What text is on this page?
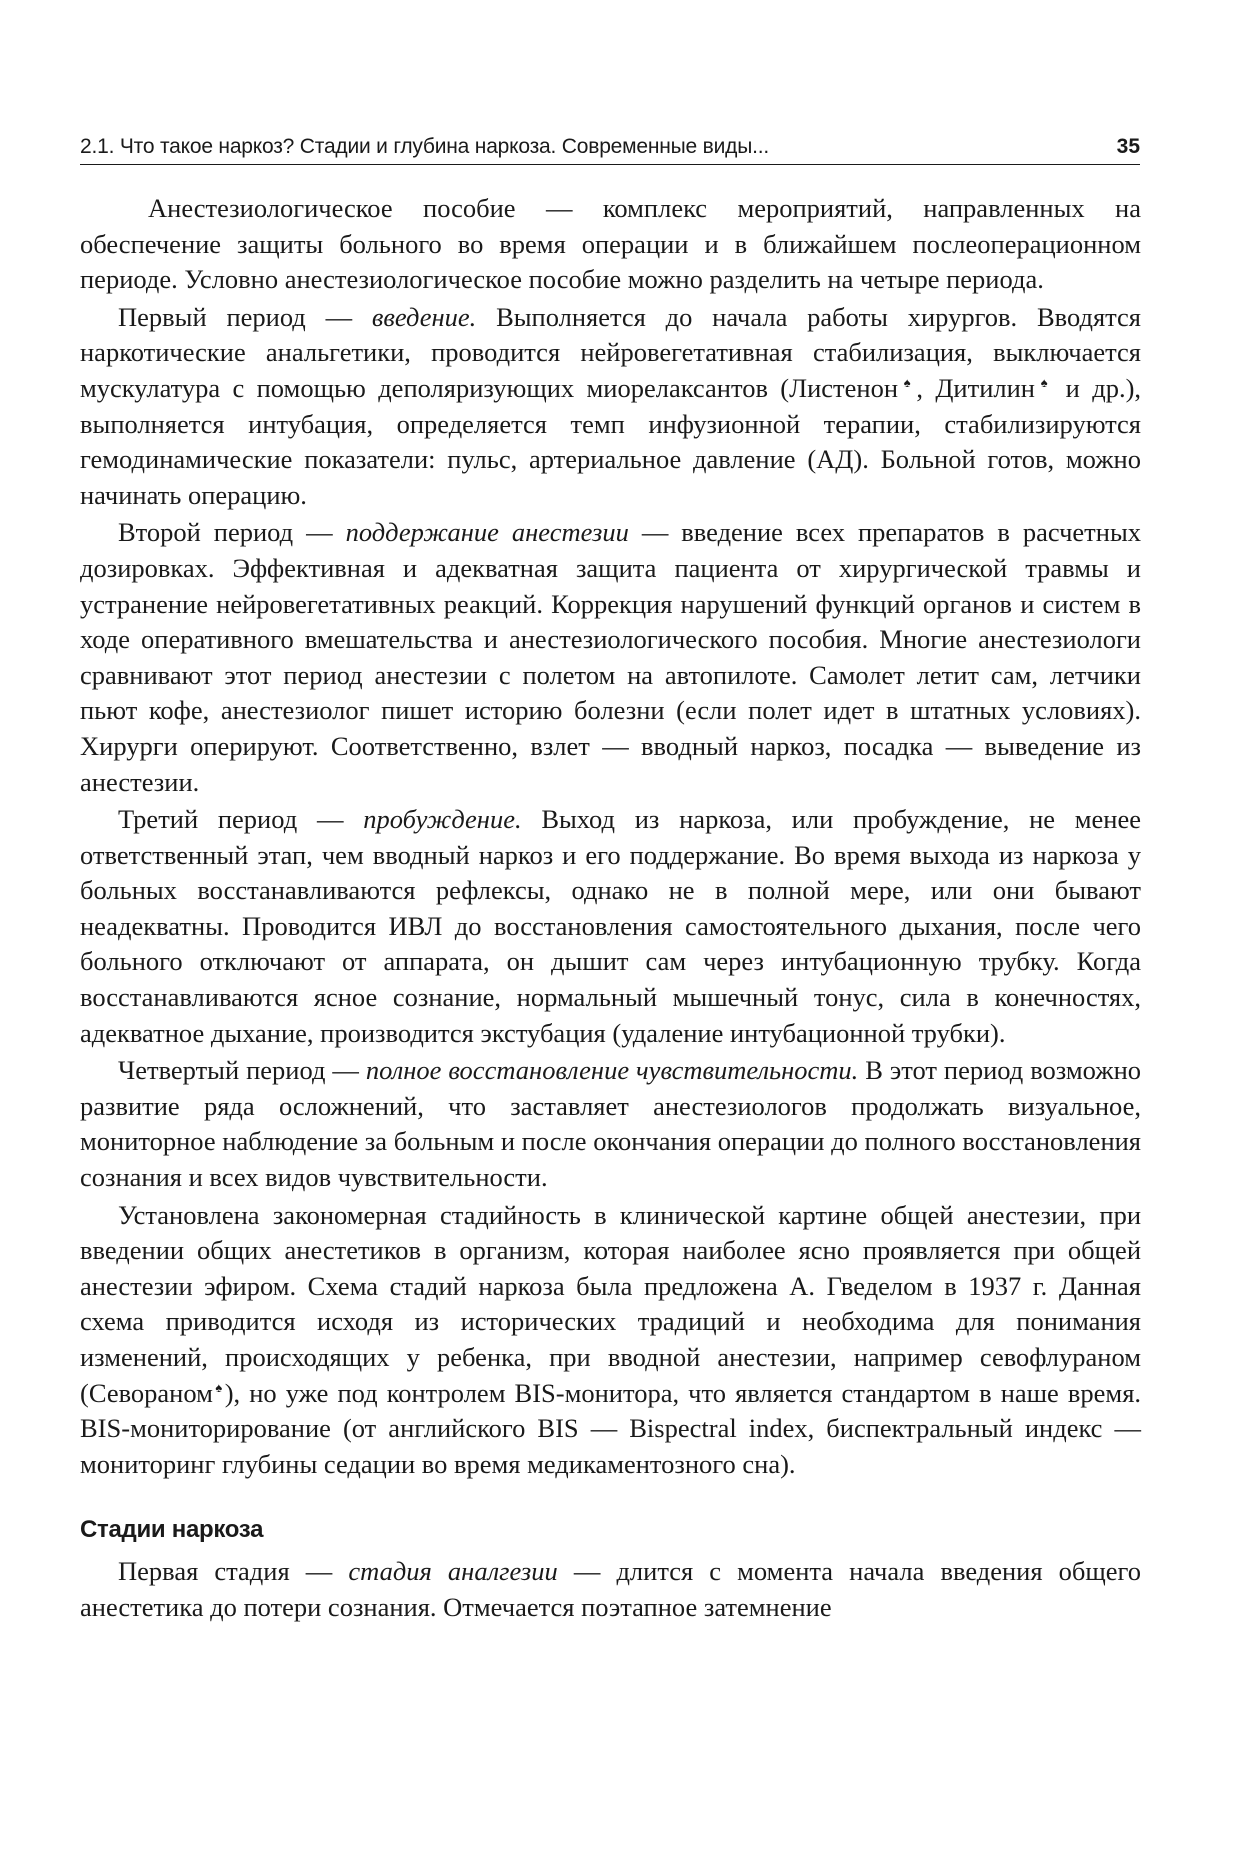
2.1. Что такое наркоз? Стадии и глубина наркоза. Современные виды...	35

Анестезиологическое пособие — комплекс мероприятий, направленных на обеспечение защиты больного во время операции и в ближайшем послеоперационном периоде. Условно анестезиологическое пособие можно разделить на четыре периода.

Первый период — введение. Выполняется до начала работы хирургов. Вводятся наркотические анальгетики, проводится нейровегетативная стабилизация, выключается мускулатура с помощью деполяризующих миорелаксантов (Листенон♠, Дитилин♠ и др.), выполняется интубация, определяется темп инфузионной терапии, стабилизируются гемодинамические показатели: пульс, артериальное давление (АД). Больной готов, можно начинать операцию.

Второй период — поддержание анестезии — введение всех препаратов в расчетных дозировках. Эффективная и адекватная защита пациента от хирургической травмы и устранение нейровегетативных реакций. Коррекция нарушений функций органов и систем в ходе оперативного вмешательства и анестезиологического пособия. Многие анестезиологи сравнивают этот период анестезии с полетом на автопилоте. Самолет летит сам, летчики пьют кофе, анестезиолог пишет историю болезни (если полет идет в штатных условиях). Хирурги оперируют. Соответственно, взлет — вводный наркоз, посадка — выведение из анестезии.

Третий период — пробуждение. Выход из наркоза, или пробуждение, не менее ответственный этап, чем вводный наркоз и его поддержание. Во время выхода из наркоза у больных восстанавливаются рефлексы, однако не в полной мере, или они бывают неадекватны. Проводится ИВЛ до восстановления самостоятельного дыхания, после чего больного отключают от аппарата, он дышит сам через интубационную трубку. Когда восстанавливаются ясное сознание, нормальный мышечный тонус, сила в конечностях, адекватное дыхание, производится экстубация (удаление интубационной трубки).

Четвертый период — полное восстановление чувствительности. В этот период возможно развитие ряда осложнений, что заставляет анестезиологов продолжать визуальное, мониторное наблюдение за больным и после окончания операции до полного восстановления сознания и всех видов чувствительности.

Установлена закономерная стадийность в клинической картине общей анестезии, при введении общих анестетиков в организм, которая наиболее ясно проявляется при общей анестезии эфиром. Схема стадий наркоза была предложена А. Гведелом в 1937 г. Данная схема приводится исходя из исторических традиций и необходима для понимания изменений, происходящих у ребенка, при вводной анестезии, например севофлураном (Севораном♠), но уже под контролем BIS-монитора, что является стандартом в наше время. BIS-мониторирование (от английского BIS — Bispectral index, биспектральный индекс — мониторинг глубины седации во время медикаментозного сна).

Стадии наркоза

Первая стадия — стадия аналгезии — длится с момента начала введения общего анестетика до потери сознания. Отмечается поэтапное затемнение
